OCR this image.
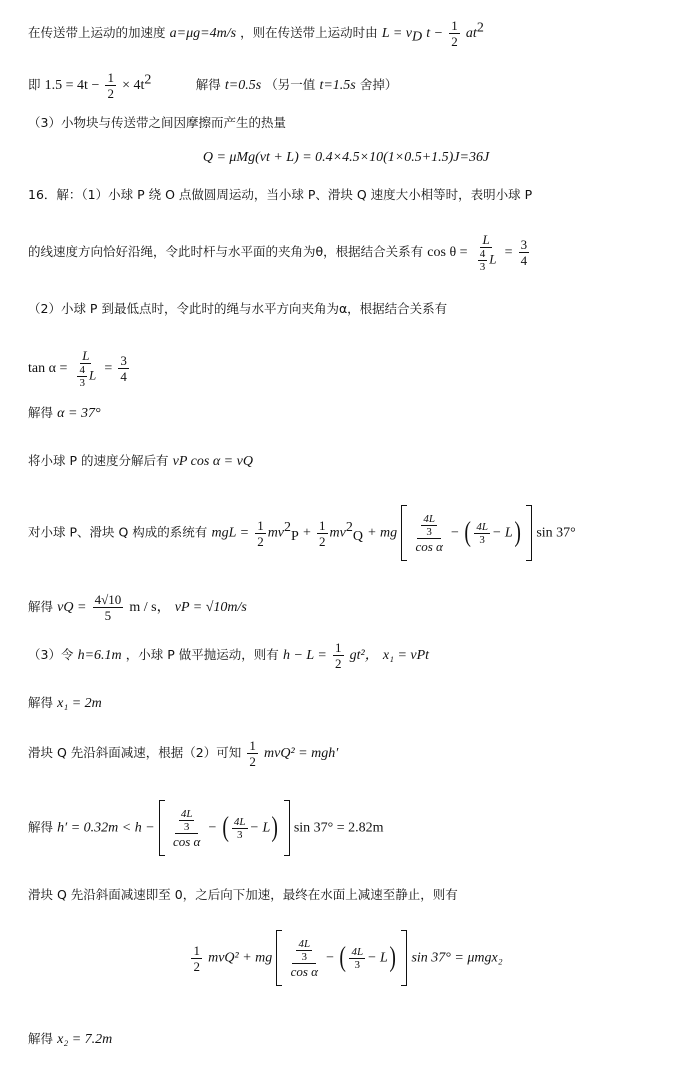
在传送带上运动的加速度 a=μg=4m/s ，则在传送带上运动时由 $L = v_D$ $t - \frac{1}{2} at^2$
即 $1.5 = 4t - \frac{1}{2} \times 4t^2$	解得 t=0.5s （另一值 t=1.5s 舍掉）
（3）小物块与传送带之间因摩擦而产生的热量
Q = μMg(vt + L) = 0.4×4.5×10(1×0.5+1.5)J=36J
16．解：（1）小球 P 绕 O 点做圆周运动，当小球 P、滑块 Q 速度大小相等时，表明小球 P
的线速度方向恰好沿绳，令此时杆与水平面的夹角为θ，根据结合关系有 $\cos \theta = \frac{L}{\frac{4}{3} L} = \frac{3}{4}$
（2）小球 P 到最低点时，令此时的绳与水平方向夹角为α，根据结合关系有
$\tan \alpha = \frac{L}{\frac{4}{3} L} = \frac{3}{4}$
解得 α = 37°
将小球 P 的速度分解后有 vP cos α = vQ
对小球 P、滑块 Q 构成的系统有 mgL = $\frac{1}{2} mv^2_P + \frac{1}{2} mv^2_Q$ + mg $\frac{\frac{4L}{3}}{\text{cos α}}$ − ( $\frac{4L}{3} - L$) sin 37°
解得 vQ = $\frac{4√10}{5}$ m / s， vP = √10m/s
（3）令 h=6.1m ，小球 P 做平抛运动，则有 $h - L = \frac{1}{2} gt^2$， x₁ = vPt
解得 x₁ = 2m
滑块 Q 先沿斜面减速，根据（2）可知 $\frac{1}{2} mvQ^2 = mgh'$
解得 $h' = 0.32m < h - \frac{\frac{4L}{3}}{\text{cos α}}$ − ( $\frac{4L}{3} - L$) sin 37° = 2.82m
滑块 Q 先沿斜面减速即至 0，之后向下加速，最终在水面上减速至静止，则有
$\frac{1}{2} mvQ^2$ + mg $\frac{\frac{4L}{3}}{\text{cos α}}$ − ( $\frac{4L}{3} - L$) sin 37° = μmgx₂
解得 x₂ = 7.2m
